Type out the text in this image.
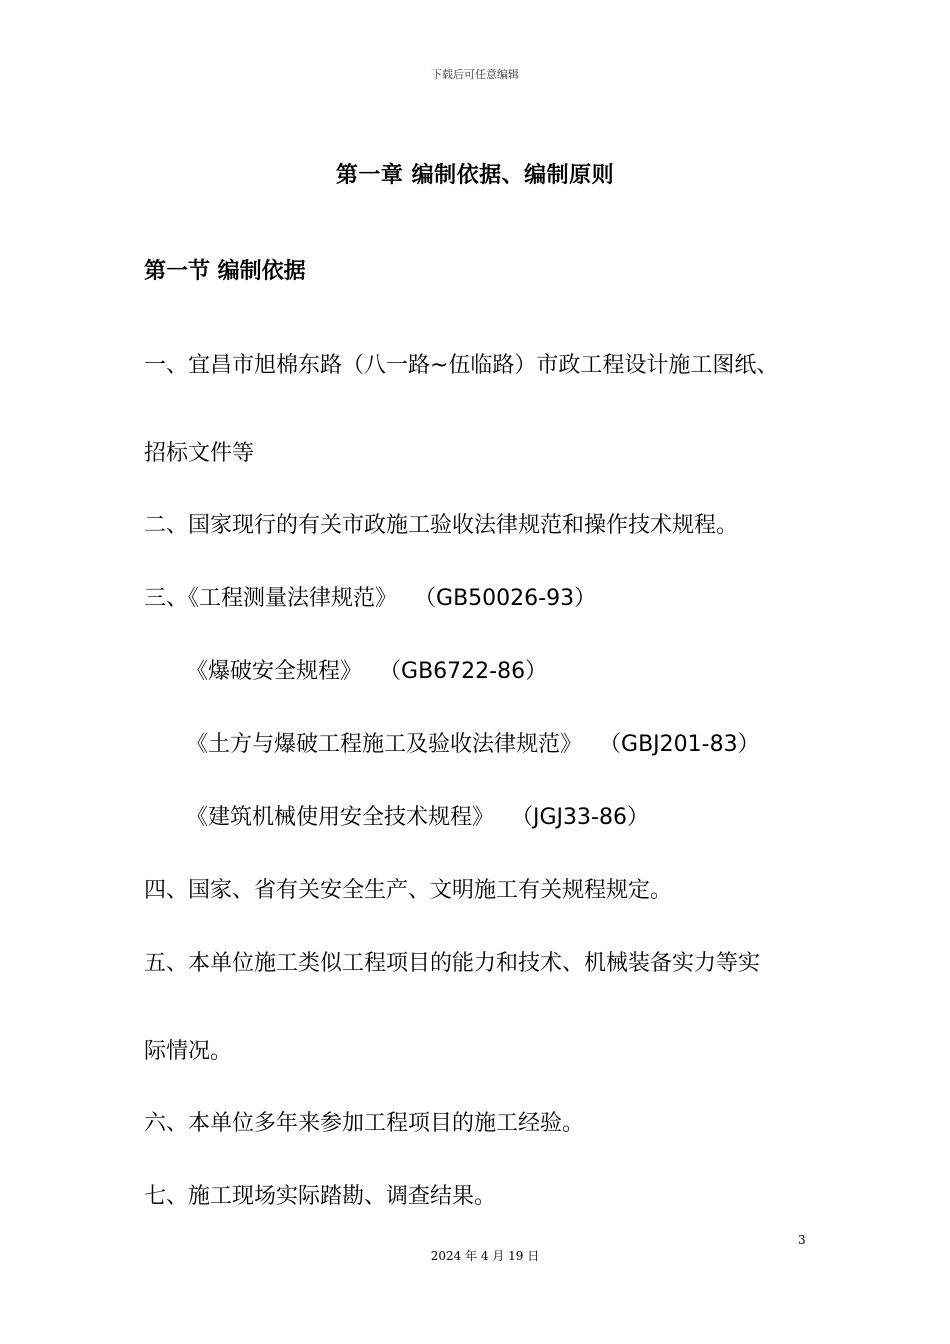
下载后可任意编辑
第一章 编制依据、编制原则
第一节 编制依据
一、宜昌市旭棉东路（八一路~伍临路）市政工程设计施工图纸、
招标文件等
二、国家现行的有关市政施工验收法律规范和操作技术规程。
三、《工程测量法律规范》 （GB50026-93）
《爆破安全规程》 （GB6722-86）
《土方与爆破工程施工及验收法律规范》 （GBJ201-83）
《建筑机械使用安全技术规程》 （JGJ33-86）
四、国家、省有关安全生产、文明施工有关规程规定。
五、本单位施工类似工程项目的能力和技术、机械装备实力等实
际情况。
六、本单位多年来参加工程项目的施工经验。
七、施工现场实际踏勘、调查结果。
3
2024 年 4 月 19 日
